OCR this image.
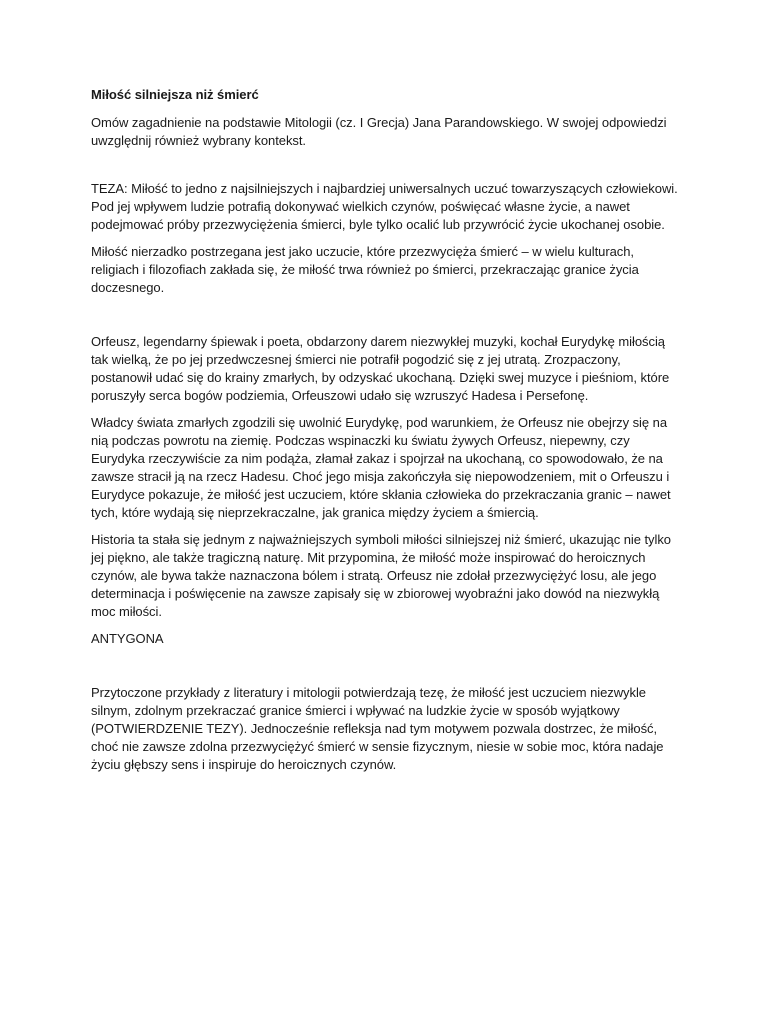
Miłość silniejsza niż śmierć

Omów zagadnienie na podstawie Mitologii (cz. I Grecja) Jana Parandowskiego. W swojej odpowiedzi uwzględnij również wybrany kontekst.

TEZA: Miłość to jedno z najsilniejszych i najbardziej uniwersalnych uczuć towarzyszących człowiekowi. Pod jej wpływem ludzie potrafią dokonywać wielkich czynów, poświęcać własne życie, a nawet podejmować próby przezwyciężenia śmierci, byle tylko ocalić lub przywrócić życie ukochanej osobie.

Miłość nierzadko postrzegana jest jako uczucie, które przezwycięża śmierć – w wielu kulturach, religiach i filozofiach zakłada się, że miłość trwa również po śmierci, przekraczając granice życia doczesnego.

Orfeusz, legendarny śpiewak i poeta, obdarzony darem niezwykłej muzyki, kochał Eurydykę miłością tak wielką, że po jej przedwczesnej śmierci nie potrafił pogodzić się z jej utratą. Zrozpaczony, postanowił udać się do krainy zmarłych, by odzyskać ukochaną. Dzięki swej muzyce i pieśniom, które poruszyły serca bogów podziemia, Orfeuszowi udało się wzruszyć Hadesa i Persefonę.

Władcy świata zmarłych zgodzili się uwolnić Eurydykę, pod warunkiem, że Orfeusz nie obejrzy się na nią podczas powrotu na ziemię. Podczas wspinaczki ku światu żywych Orfeusz, niepewny, czy Eurydyka rzeczywiście za nim podąża, złamał zakaz i spojrzał na ukochaną, co spowodowało, że na zawsze stracił ją na rzecz Hadesu. Choć jego misja zakończyła się niepowodzeniem, mit o Orfeuszu i Eurydyce pokazuje, że miłość jest uczuciem, które skłania człowieka do przekraczania granic – nawet tych, które wydają się nieprzekraczalne, jak granica między życiem a śmiercią.

Historia ta stała się jednym z najważniejszych symboli miłości silniejszej niż śmierć, ukazując nie tylko jej piękno, ale także tragiczną naturę. Mit przypomina, że miłość może inspirować do heroicznych czynów, ale bywa także naznaczona bólem i stratą. Orfeusz nie zdołał przezwyciężyć losu, ale jego determinacja i poświęcenie na zawsze zapisały się w zbiorowej wyobraźni jako dowód na niezwykłą moc miłości.

ANTYGONA

Przytoczone przykłady z literatury i mitologii potwierdzają tezę, że miłość jest uczuciem niezwykle silnym, zdolnym przekraczać granice śmierci i wpływać na ludzkie życie w sposób wyjątkowy (POTWIERDZENIE TEZY). Jednocześnie refleksja nad tym motywem pozwala dostrzec, że miłość, choć nie zawsze zdolna przezwyciężyć śmierć w sensie fizycznym, niesie w sobie moc, która nadaje życiu głębszy sens i inspiruje do heroicznych czynów.
